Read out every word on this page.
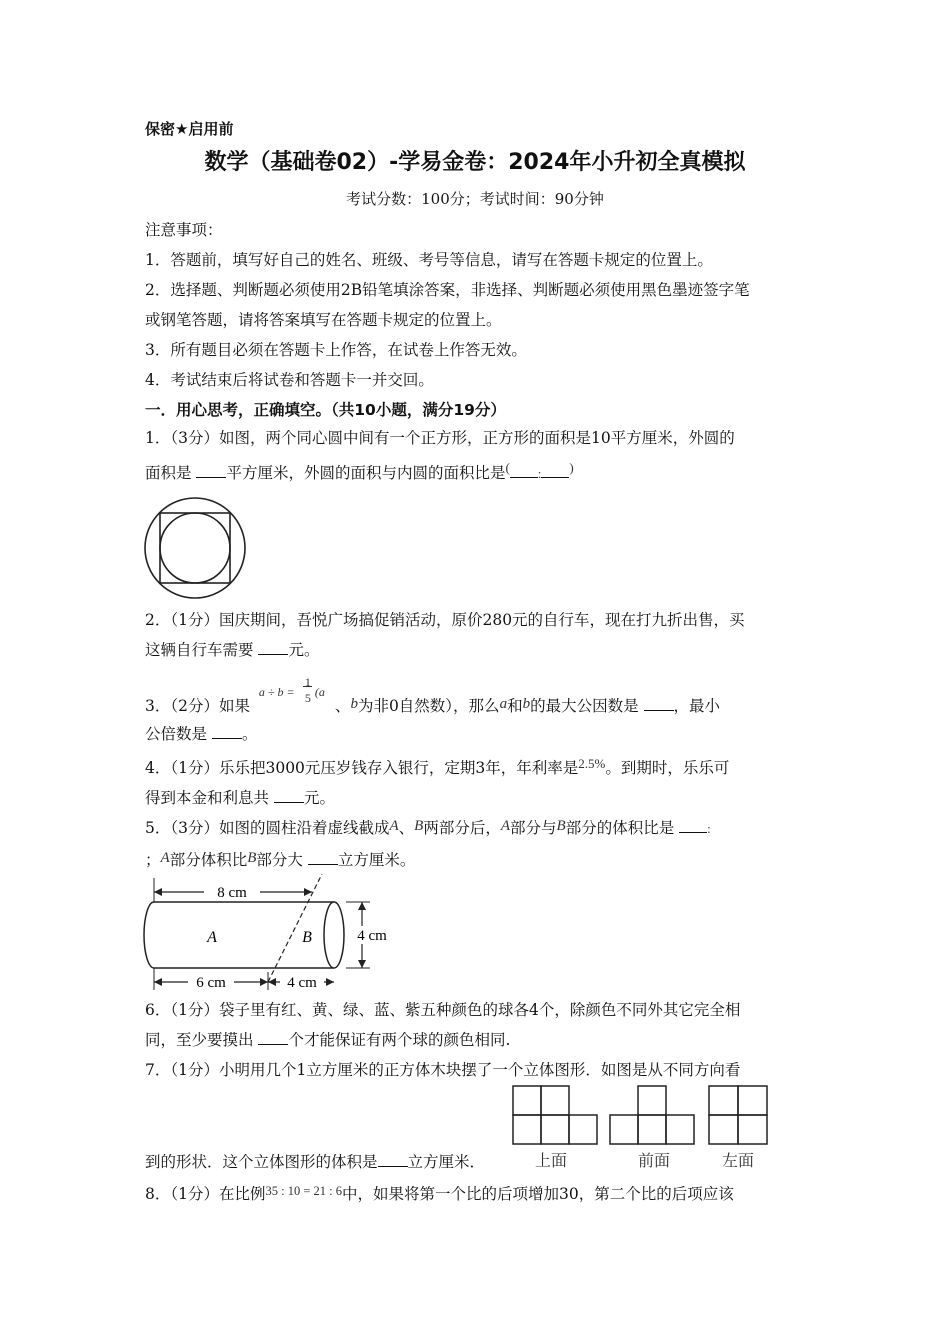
保密★启用前
数学（基础卷02）-学易金卷：2024年小升初全真模拟
考试分数：100分；考试时间：90分钟
注意事项：
1．答题前，填写好自己的姓名、班级、考号等信息，请写在答题卡规定的位置上。
2．选择题、判断题必须使用2B铅笔填涂答案，非选择、判断题必须使用黑色墨迹签字笔
或钢笔答题，请将答案填写在答题卡规定的位置上。
3．所有题目必须在答题卡上作答，在试卷上作答无效。
4．考试结束后将试卷和答题卡一并交回。
一．用心思考，正确填空。（共10小题，满分19分）
1．（3分）如图，两个同心圆中间有一个正方形，正方形的面积是10平方厘米，外圆的
面积是 平方厘米，外圆的面积与内圆的面积比是( : )
2．（1分）国庆期间，吾悦广场搞促销活动，原价280元的自行车，现在打九折出售，买
这辆自行车需要 元。
3．（2分）如果
a ÷ b =
1
5 (a
、b为非0自然数），那么a和b的最大公因数是 ，最小
公倍数是 。
4．（1分）乐乐把3000元压岁钱存入银行，定期3年，年利率是$^{2.5\%}$。到期时，乐乐可
得到本金和利息共 元。
5．（3分）如图的圆柱沿着虚线截成A、B两部分后，A部分与B部分的体积比是 :
；A部分体积比B部分大 立方厘米。
8 cm
A	B	4 cm
6 cm	4 cm
6．（1分）袋子里有红、黄、绿、蓝、紫五种颜色的球各4个，除颜色不同外其它完全相
同，至少要摸出 个才能保证有两个球的颜色相同.
7．（1分）小明用几个1立方厘米的正方体木块摆了一个立体图形．如图是从不同方向看
到的形状．这个立体图形的体积是 立方厘米．	上面	前面	左面
8．（1分）在比例$^{35 : 10 = 21 : 6}$中，如果将第一个比的后项增加30，第二个比的后项应该
